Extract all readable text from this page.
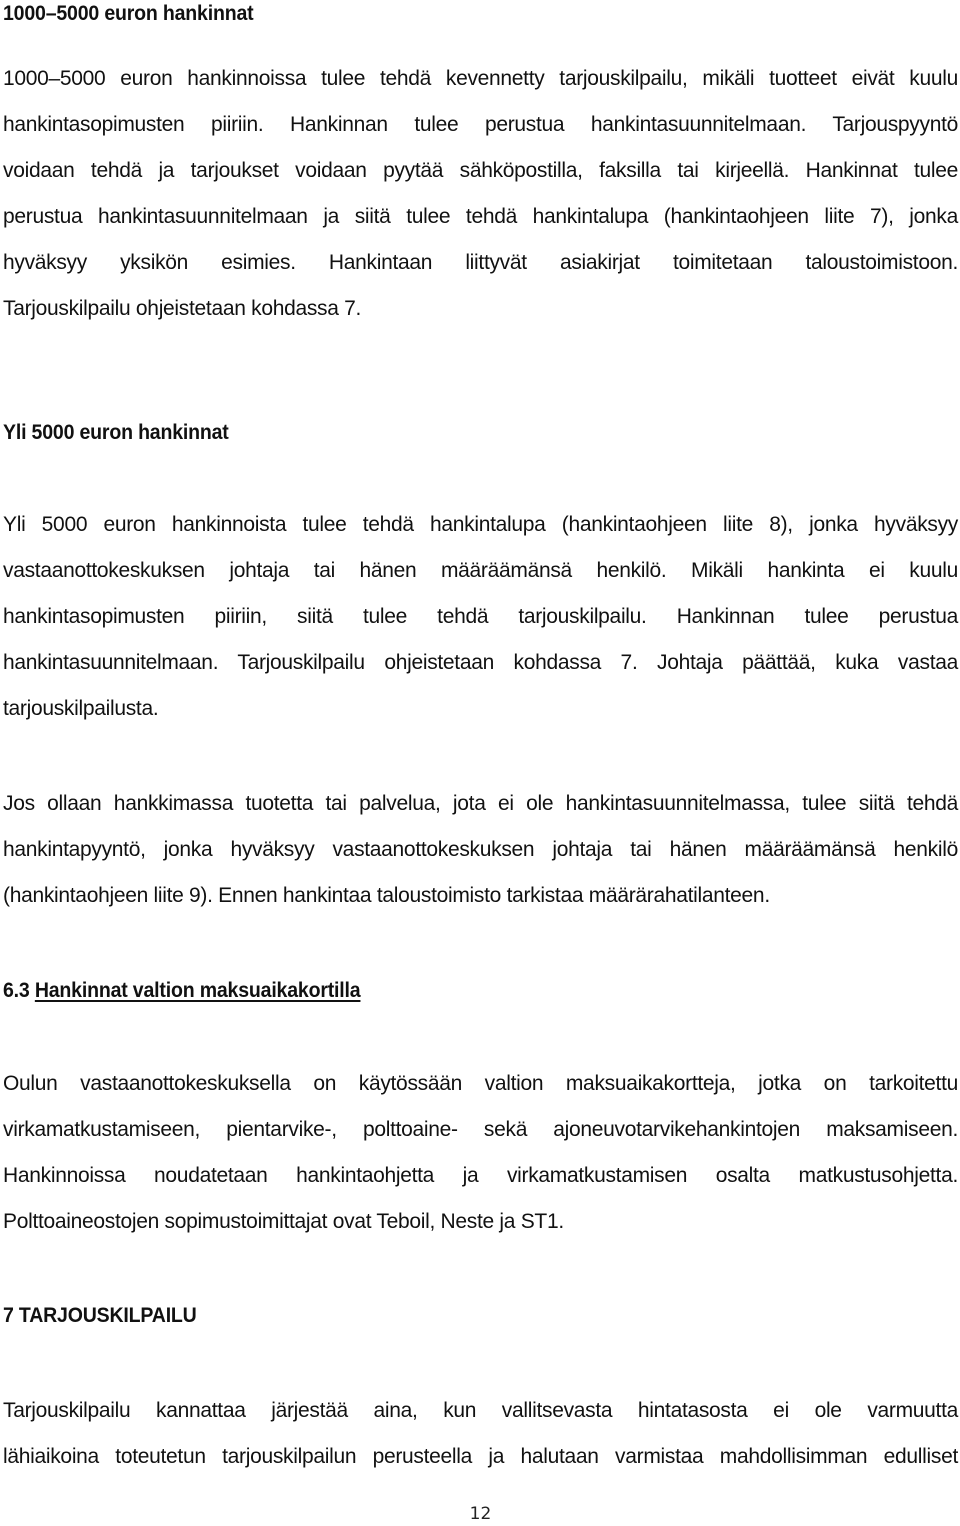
1000–5000 euron hankinnat
1000–5000 euron hankinnoissa tulee tehdä kevennetty tarjouskilpailu, mikäli tuotteet eivät kuulu
hankintasopimusten piiriin. Hankinnan tulee perustua hankintasuunnitelmaan. Tarjouspyyntö
voidaan tehdä ja tarjoukset voidaan pyytää sähköpostilla, faksilla tai kirjeellä. Hankinnat tulee
perustua hankintasuunnitelmaan ja siitä tulee tehdä hankintalupa (hankintaohjeen liite 7), jonka
hyväksyy yksikön esimies. Hankintaan liittyvät asiakirjat toimitetaan taloustoimistoon.
Tarjouskilpailu ohjeistetaan kohdassa 7.
Yli 5000 euron hankinnat
Yli 5000 euron hankinnoista tulee tehdä hankintalupa (hankintaohjeen liite 8), jonka hyväksyy
vastaanottokeskuksen johtaja tai hänen määräämänsä henkilö. Mikäli hankinta ei kuulu
hankintasopimusten piiriin, siitä tulee tehdä tarjouskilpailu. Hankinnan tulee perustua
hankintasuunnitelmaan. Tarjouskilpailu ohjeistetaan kohdassa 7. Johtaja päättää, kuka vastaa
tarjouskilpailusta.
Jos ollaan hankkimassa tuotetta tai palvelua, jota ei ole hankintasuunnitelmassa, tulee siitä tehdä
hankintapyyntö, jonka hyväksyy vastaanottokeskuksen johtaja tai hänen määräämänsä henkilö
(hankintaohjeen liite 9). Ennen hankintaa taloustoimisto tarkistaa määrärahatilanteen.
6.3 Hankinnat valtion maksuaikakortilla
Oulun vastaanottokeskuksella on käytössään valtion maksuaikakortteja, jotka on tarkoitettu
virkamatkustamiseen, pientarvike-, polttoaine- sekä ajoneuvotarvikehankintojen maksamiseen.
Hankinnoissa noudatetaan hankintaohjetta ja virkamatkustamisen osalta matkustusohjetta.
Polttoaineostojen sopimustoimittajat ovat Teboil, Neste ja ST1.
7 TARJOUSKILPAILU
Tarjouskilpailu kannattaa järjestää aina, kun vallitsevasta hintatasosta ei ole varmuutta
lähiaikoina toteutetun tarjouskilpailun perusteella ja halutaan varmistaa mahdollisimman edulliset
12
